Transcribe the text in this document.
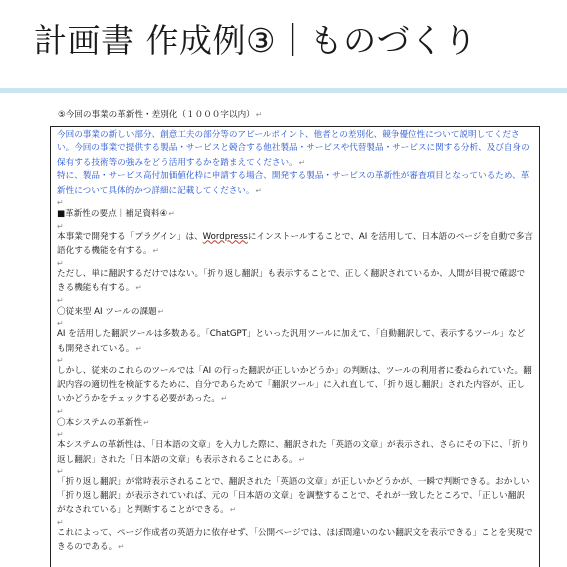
計画書 作成例③｜ものづくり
⑤今回の事業の革新性・差別化（１０００字以内）↵

今回の事業の新しい部分、創意工夫の部分等のアピールポイント、他者との差別化、競争優位性について説明してください。今回の事業で提供する製品・サービスと競合する他社製品・サービスや代替製品・サービスに関する分析、及び自身の保有する技術等の強みをどう活用するかを踏まえてください。↵

特に、製品・サービス高付加価値化枠に申請する場合、開発する製品・サービスの革新性が審査項目となっているため、革新性について具体的かつ詳細に記載してください。↵

↵

■革新性の要点｜補足資料④↵

↵

本事業で開発する「プラグイン」は、Wordpressにインストールすることで、AI を活用して、日本語のページを自動で多言語化する機能を有する。↵

↵

ただし、単に翻訳するだけではない。「折り返し翻訳」も表示することで、正しく翻訳されているか、人間が目視で確認できる機能も有する。↵

↵

〇従来型 AI ツールの課題↵

↵

AI を活用した翻訳ツールは多数ある。「ChatGPT」といった汎用ツールに加えて、「自動翻訳して、表示するツール」なども開発されている。↵

↵

しかし、従来のこれらのツールでは「AI の行った翻訳が正しいかどうか」の判断は、ツールの利用者に委ねられていた。翻訳内容の適切性を検証するために、自分であらためて「翻訳ツール」に入れ直して、「折り返し翻訳」された内容が、正しいかどうかをチェックする必要があった。↵

↵

〇本システムの革新性↵

↵

本システムの革新性は、「日本語の文章」を入力した際に、翻訳された「英語の文章」が表示され、さらにその下に、「折り返し翻訳」された「日本語の文章」も表示されることにある。↵

↵

「折り返し翻訳」が常時表示されることで、翻訳された「英語の文章」が正しいかどうかが、一瞬で判断できる。おかしい「折り返し翻訳」が表示されていれば、元の「日本語の文章」を調整することで、それが一致したところで、「正しい翻訳がなされている」と判断することができる。↵

↵

これによって、ページ作成者の英語力に依存せず、「公開ページでは、ほぼ間違いのない翻訳文を表示できる」ことを実現できるのである。↵
